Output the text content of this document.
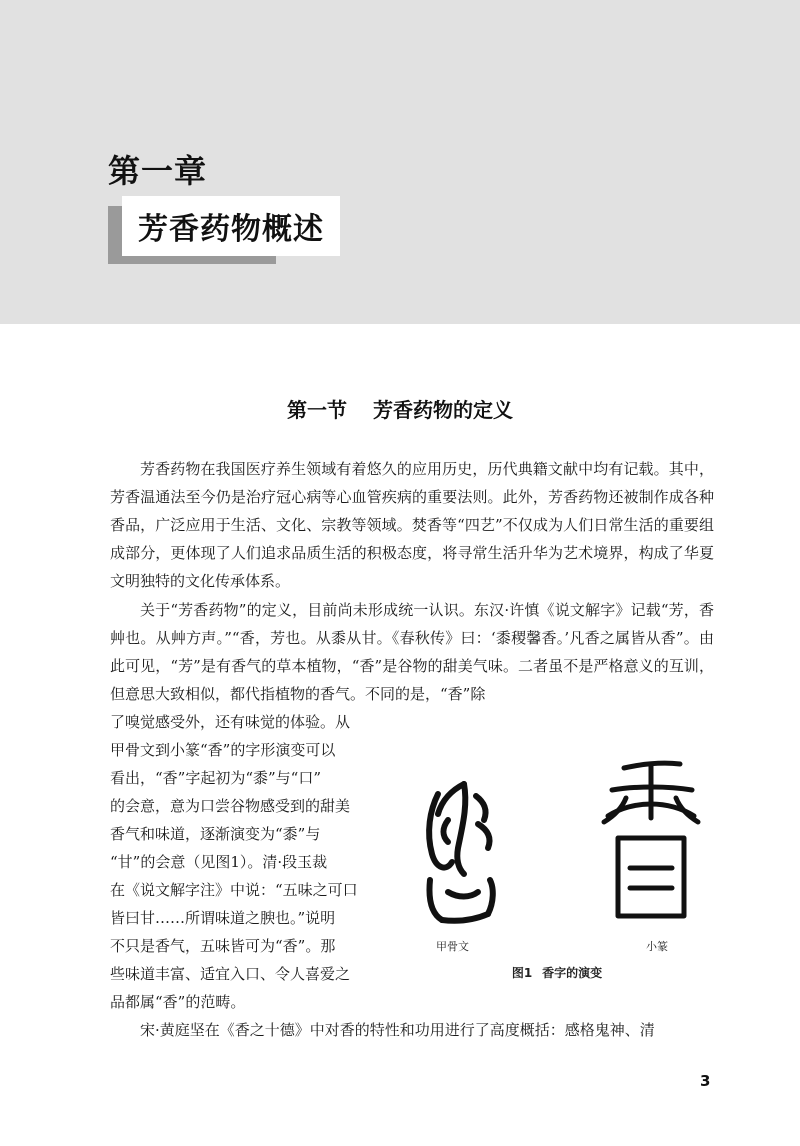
第一章
芳香药物概述
第一节 芳香药物的定义

芳香药物在我国医疗养生领域有着悠久的应用历史，历代典籍文献中均有记载。其中，芳香温通法至今仍是治疗冠心病等心血管疾病的重要法则。此外，芳香药物还被制作成各种香品，广泛应用于生活、文化、宗教等领域。焚香等“四艺”不仅成为人们日常生活的重要组成部分，更体现了人们追求品质生活的积极态度，将寻常生活升华为艺术境界，构成了华夏文明独特的文化传承体系。

关于“芳香药物”的定义，目前尚未形成统一认识。东汉·许慎《说文解字》记载“芳，香艸也。从艸方声。”“香，芳也。从黍从甘。《春秋传》曰：‘黍稷馨香。’凡香之属皆从香”。由此可见，“芳”是有香气的草本植物，“香”是谷物的甜美气味。二者虽不是严格意义的互训，但意思大致相似，都代指植物的香气。不同的是，“香”除

了嗅觉感受外，还有味觉的体验。从
甲骨文到小篆“香”的字形演变可以
看出，“香”字起初为“黍”与“口”
的会意，意为口尝谷物感受到的甜美
香气和味道，逐渐演变为“黍”与
“甘”的会意（见图1）。清·段玉裁
在《说文解字注》中说：“五味之可口
皆曰甘……所谓味道之腴也。”说明
不只是香气，五味皆可为“香”。那
些味道丰富、适宜入口、令人喜爱之
品都属“香”的范畴。
甲骨文	小篆
图1 香字的演变

宋·黄庭坚在《香之十德》中对香的特性和功用进行了高度概括：感格鬼神、清

3
